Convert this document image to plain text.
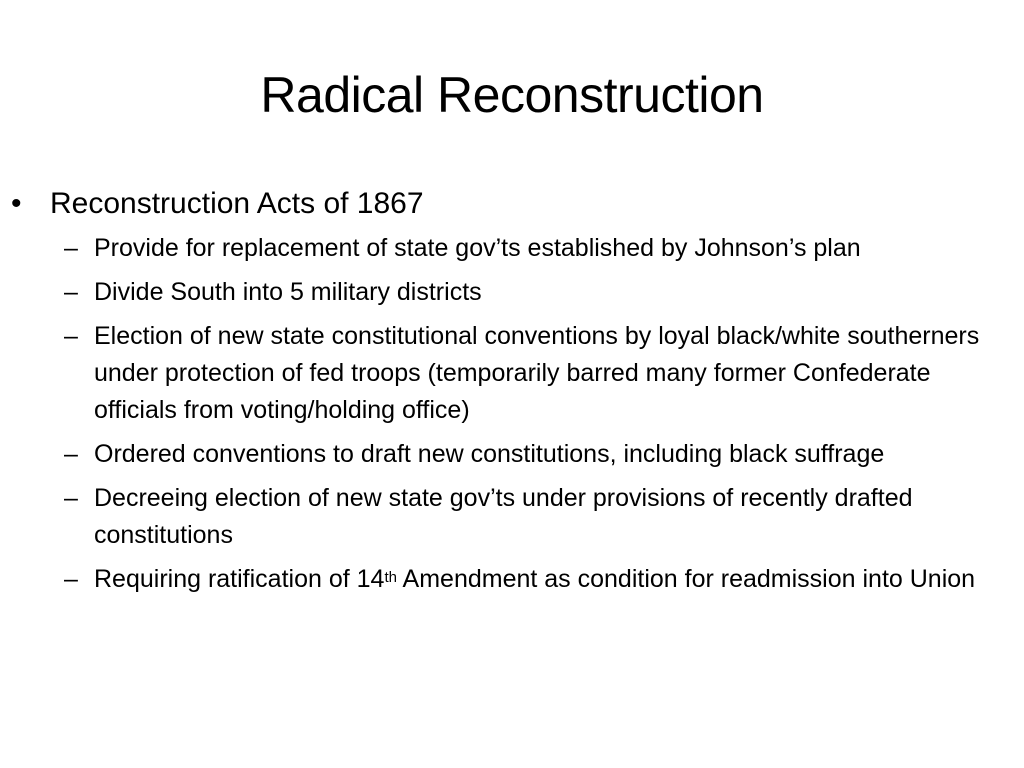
Radical Reconstruction
• Reconstruction Acts of 1867
– Provide for replacement of state gov’ts established by Johnson’s plan
– Divide South into 5 military districts
– Election of new state constitutional conventions by loyal black/white southerners under protection of fed troops (temporarily barred many former Confederate officials from voting/holding office)
– Ordered conventions to draft new constitutions, including black suffrage
– Decreeing election of new state gov’ts under provisions of recently drafted constitutions
– Requiring ratification of 14th Amendment as condition for readmission into Union
